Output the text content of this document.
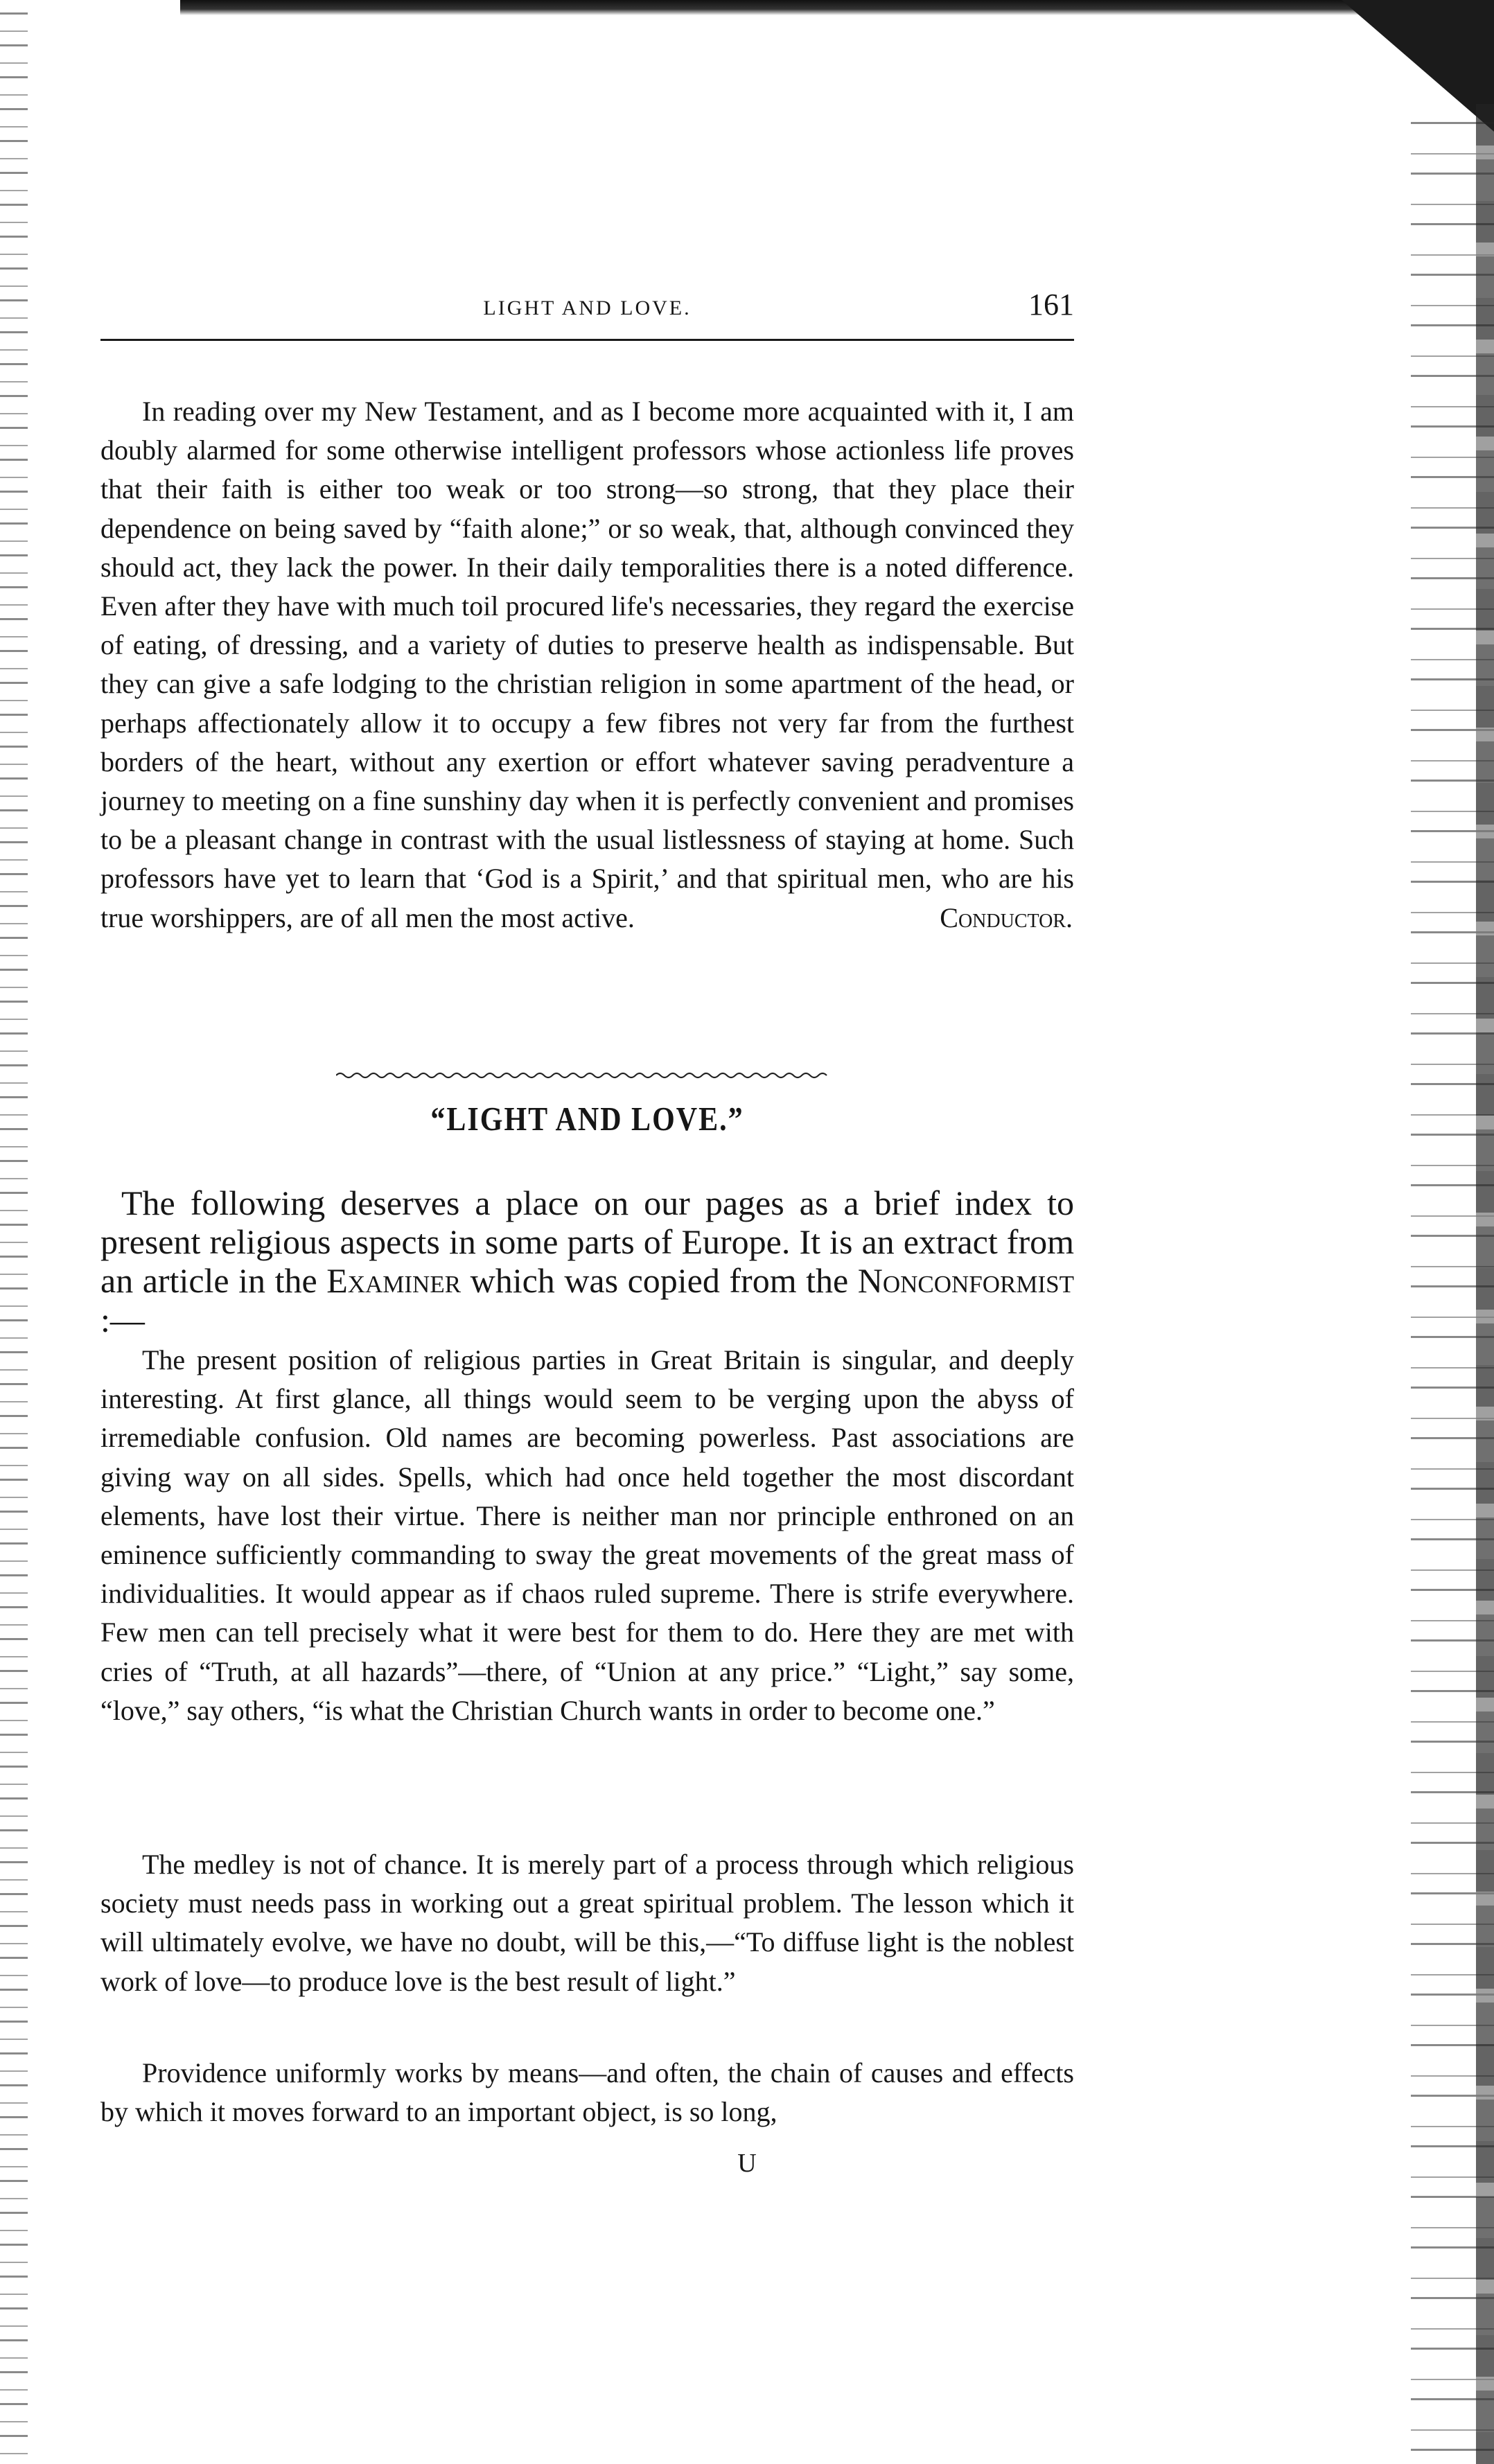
LIGHT AND LOVE.	161

In reading over my New Testament, and as I become more acquainted with it, I am doubly alarmed for some otherwise intelligent professors whose actionless life proves that their faith is either too weak or too strong—so strong, that they place their dependence on being saved by “faith alone;” or so weak, that, although convinced they should act, they lack the power. In their daily temporalities there is a noted difference. Even after they have with much toil procured life's necessaries, they regard the exercise of eating, of dressing, and a variety of duties to preserve health as indispensable. But they can give a safe lodging to the christian religion in some apartment of the head, or perhaps affectionately allow it to occupy a few fibres not very far from the furthest borders of the heart, without any exertion or effort whatever saving peradventure a journey to meeting on a fine sunshiny day when it is perfectly convenient and promises to be a pleasant change in contrast with the usual listlessness of staying at home. Such professors have yet to learn that ‘God is a Spirit,’ and that spiritual men, who are his true worshippers, are of all men the most active.	Conductor.

“LIGHT AND LOVE.”

The following deserves a place on our pages as a brief index to present religious aspects in some parts of Europe. It is an extract from an article in the Examiner which was copied from the Nonconformist :—

The present position of religious parties in Great Britain is singular, and deeply interesting. At first glance, all things would seem to be verging upon the abyss of irremediable confusion. Old names are becoming powerless. Past associations are giving way on all sides. Spells, which had once held together the most discordant elements, have lost their virtue. There is neither man nor principle enthroned on an eminence sufficiently commanding to sway the great movements of the great mass of individualities. It would appear as if chaos ruled supreme. There is strife everywhere. Few men can tell precisely what it were best for them to do. Here they are met with cries of “Truth, at all hazards”—there, of “Union at any price.” “Light,” say some, “love,” say others, “is what the Christian Church wants in order to become one.”

The medley is not of chance. It is merely part of a process through which religious society must needs pass in working out a great spiritual problem. The lesson which it will ultimately evolve, we have no doubt, will be this,—“To diffuse light is the noblest work of love—to produce love is the best result of light.”

Providence uniformly works by means—and often, the chain of causes and effects by which it moves forward to an important object, is so long,

U
